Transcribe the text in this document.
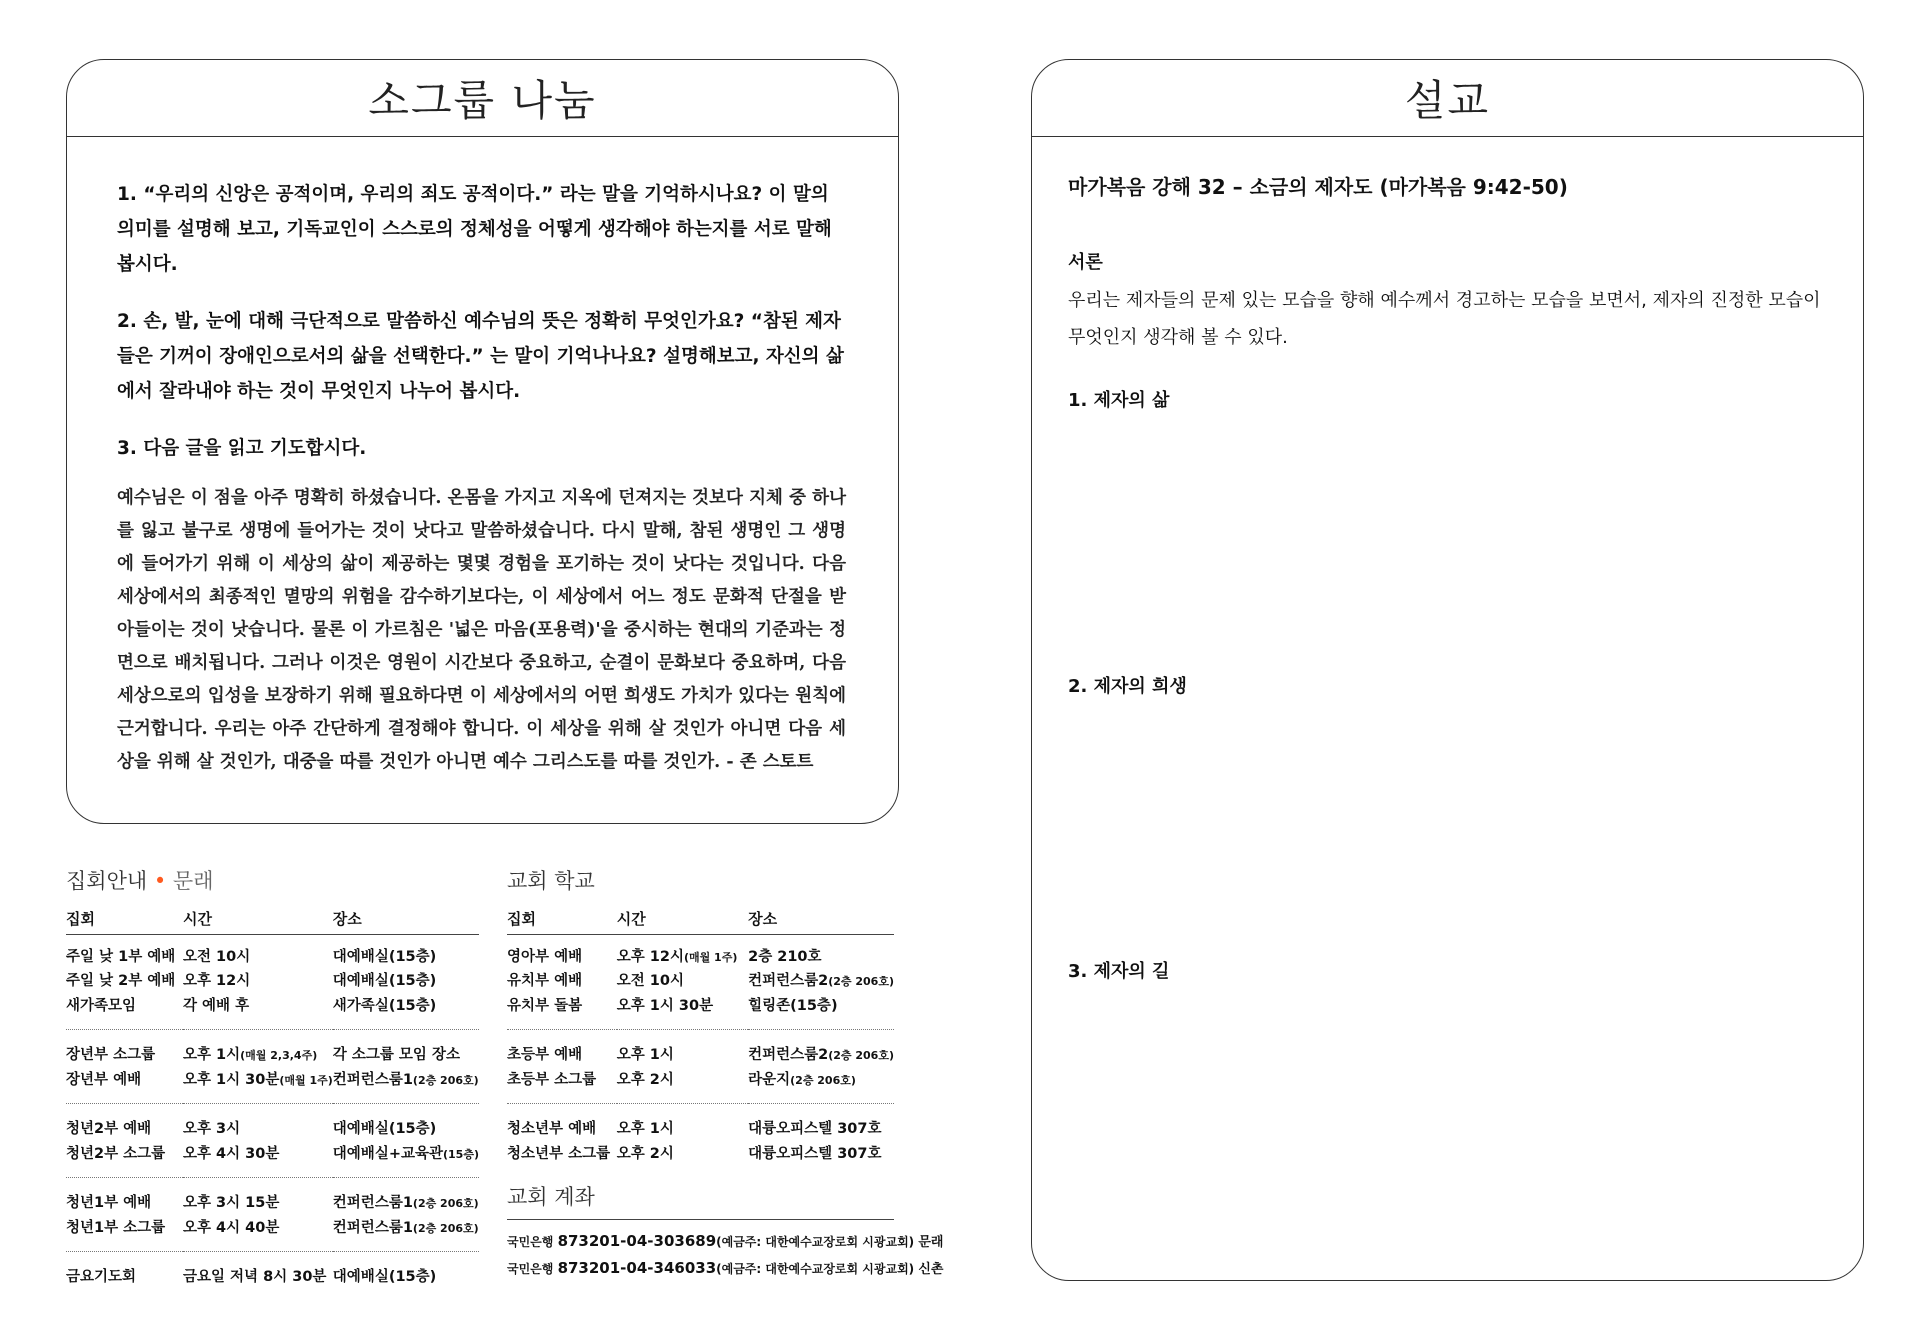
소그룹 나눔

1. “우리의 신앙은 공적이며, 우리의 죄도 공적이다.” 라는 말을 기억하시나요? 이 말의 의미를 설명해 보고, 기독교인이 스스로의 정체성을 어떻게 생각해야 하는지를 서로 말해봅시다.

2. 손, 발, 눈에 대해 극단적으로 말씀하신 예수님의 뜻은 정확히 무엇인가요? “참된 제자들은 기꺼이 장애인으로서의 삶을 선택한다.” 는 말이 기억나나요? 설명해보고, 자신의 삶에서 잘라내야 하는 것이 무엇인지 나누어 봅시다.

3. 다음 글을 읽고 기도합시다.

예수님은 이 점을 아주 명확히 하셨습니다. 온몸을 가지고 지옥에 던져지는 것보다 지체 중 하나를 잃고 불구로 생명에 들어가는 것이 낫다고 말씀하셨습니다. 다시 말해, 참된 생명인 그 생명에 들어가기 위해 이 세상의 삶이 제공하는 몇몇 경험을 포기하는 것이 낫다는 것입니다. 다음 세상에서의 최종적인 멸망의 위험을 감수하기보다는, 이 세상에서 어느 정도 문화적 단절을 받아들이는 것이 낫습니다. 물론 이 가르침은 '넓은 마음(포용력)'을 중시하는 현대의 기준과는 정면으로 배치됩니다. 그러나 이것은 영원이 시간보다 중요하고, 순결이 문화보다 중요하며, 다음 세상으로의 입성을 보장하기 위해 필요하다면 이 세상에서의 어떤 희생도 가치가 있다는 원칙에 근거합니다. 우리는 아주 간단하게 결정해야 합니다. 이 세상을 위해 살 것인가 아니면 다음 세상을 위해 살 것인가, 대중을 따를 것인가 아니면 예수 그리스도를 따를 것인가. - 존 스토트

설교
마가복음 강해 32 – 소금의 제자도 (마가복음 9:42-50)
서론
우리는 제자들의 문제 있는 모습을 향해 예수께서 경고하는 모습을 보면서, 제자의 진정한 모습이 무엇인지 생각해 볼 수 있다.
1. 제자의 삶
2. 제자의 희생
3. 제자의 길
집회안내 • 문래
집회	시간	장소
주일 낮 1부 예배	오전 10시	대예배실(15층)
주일 낮 2부 예배	오후 12시	대예배실(15층)
새가족모임	각 예배 후	새가족실(15층)

장년부 소그룹	오후 1시(매월 2,3,4주)	각 소그룹 모임 장소
장년부 예배	오후 1시 30분(매월 1주)	컨퍼런스룸1(2층 206호)

청년2부 예배	오후 3시	대예배실(15층)
청년2부 소그룹	오후 4시 30분	대예배실+교육관(15층)

청년1부 예배	오후 3시 15분	컨퍼런스룸1(2층 206호)
청년1부 소그룹	오후 4시 40분	컨퍼런스룸1(2층 206호)

금요기도회	금요일 저녁 8시 30분	대예배실(15층)
교회 학교
집회	시간	장소
영아부 예배	오후 12시(매월 1주)	2층 210호
유치부 예배	오전 10시	컨퍼런스룸2(2층 206호)
유치부 돌봄	오후 1시 30분	힐링존(15층)

초등부 예배	오후 1시	컨퍼런스룸2(2층 206호)
초등부 소그룹	오후 2시	라운지(2층 206호)

청소년부 예배	오후 1시	대륭오피스텔 307호
청소년부 소그룹	오후 2시	대륭오피스텔 307호
교회 계좌
국민은행 873201-04-303689(예금주: 대한예수교장로회 시광교회) 문래
국민은행 873201-04-346033(예금주: 대한예수교장로회 시광교회) 신촌
